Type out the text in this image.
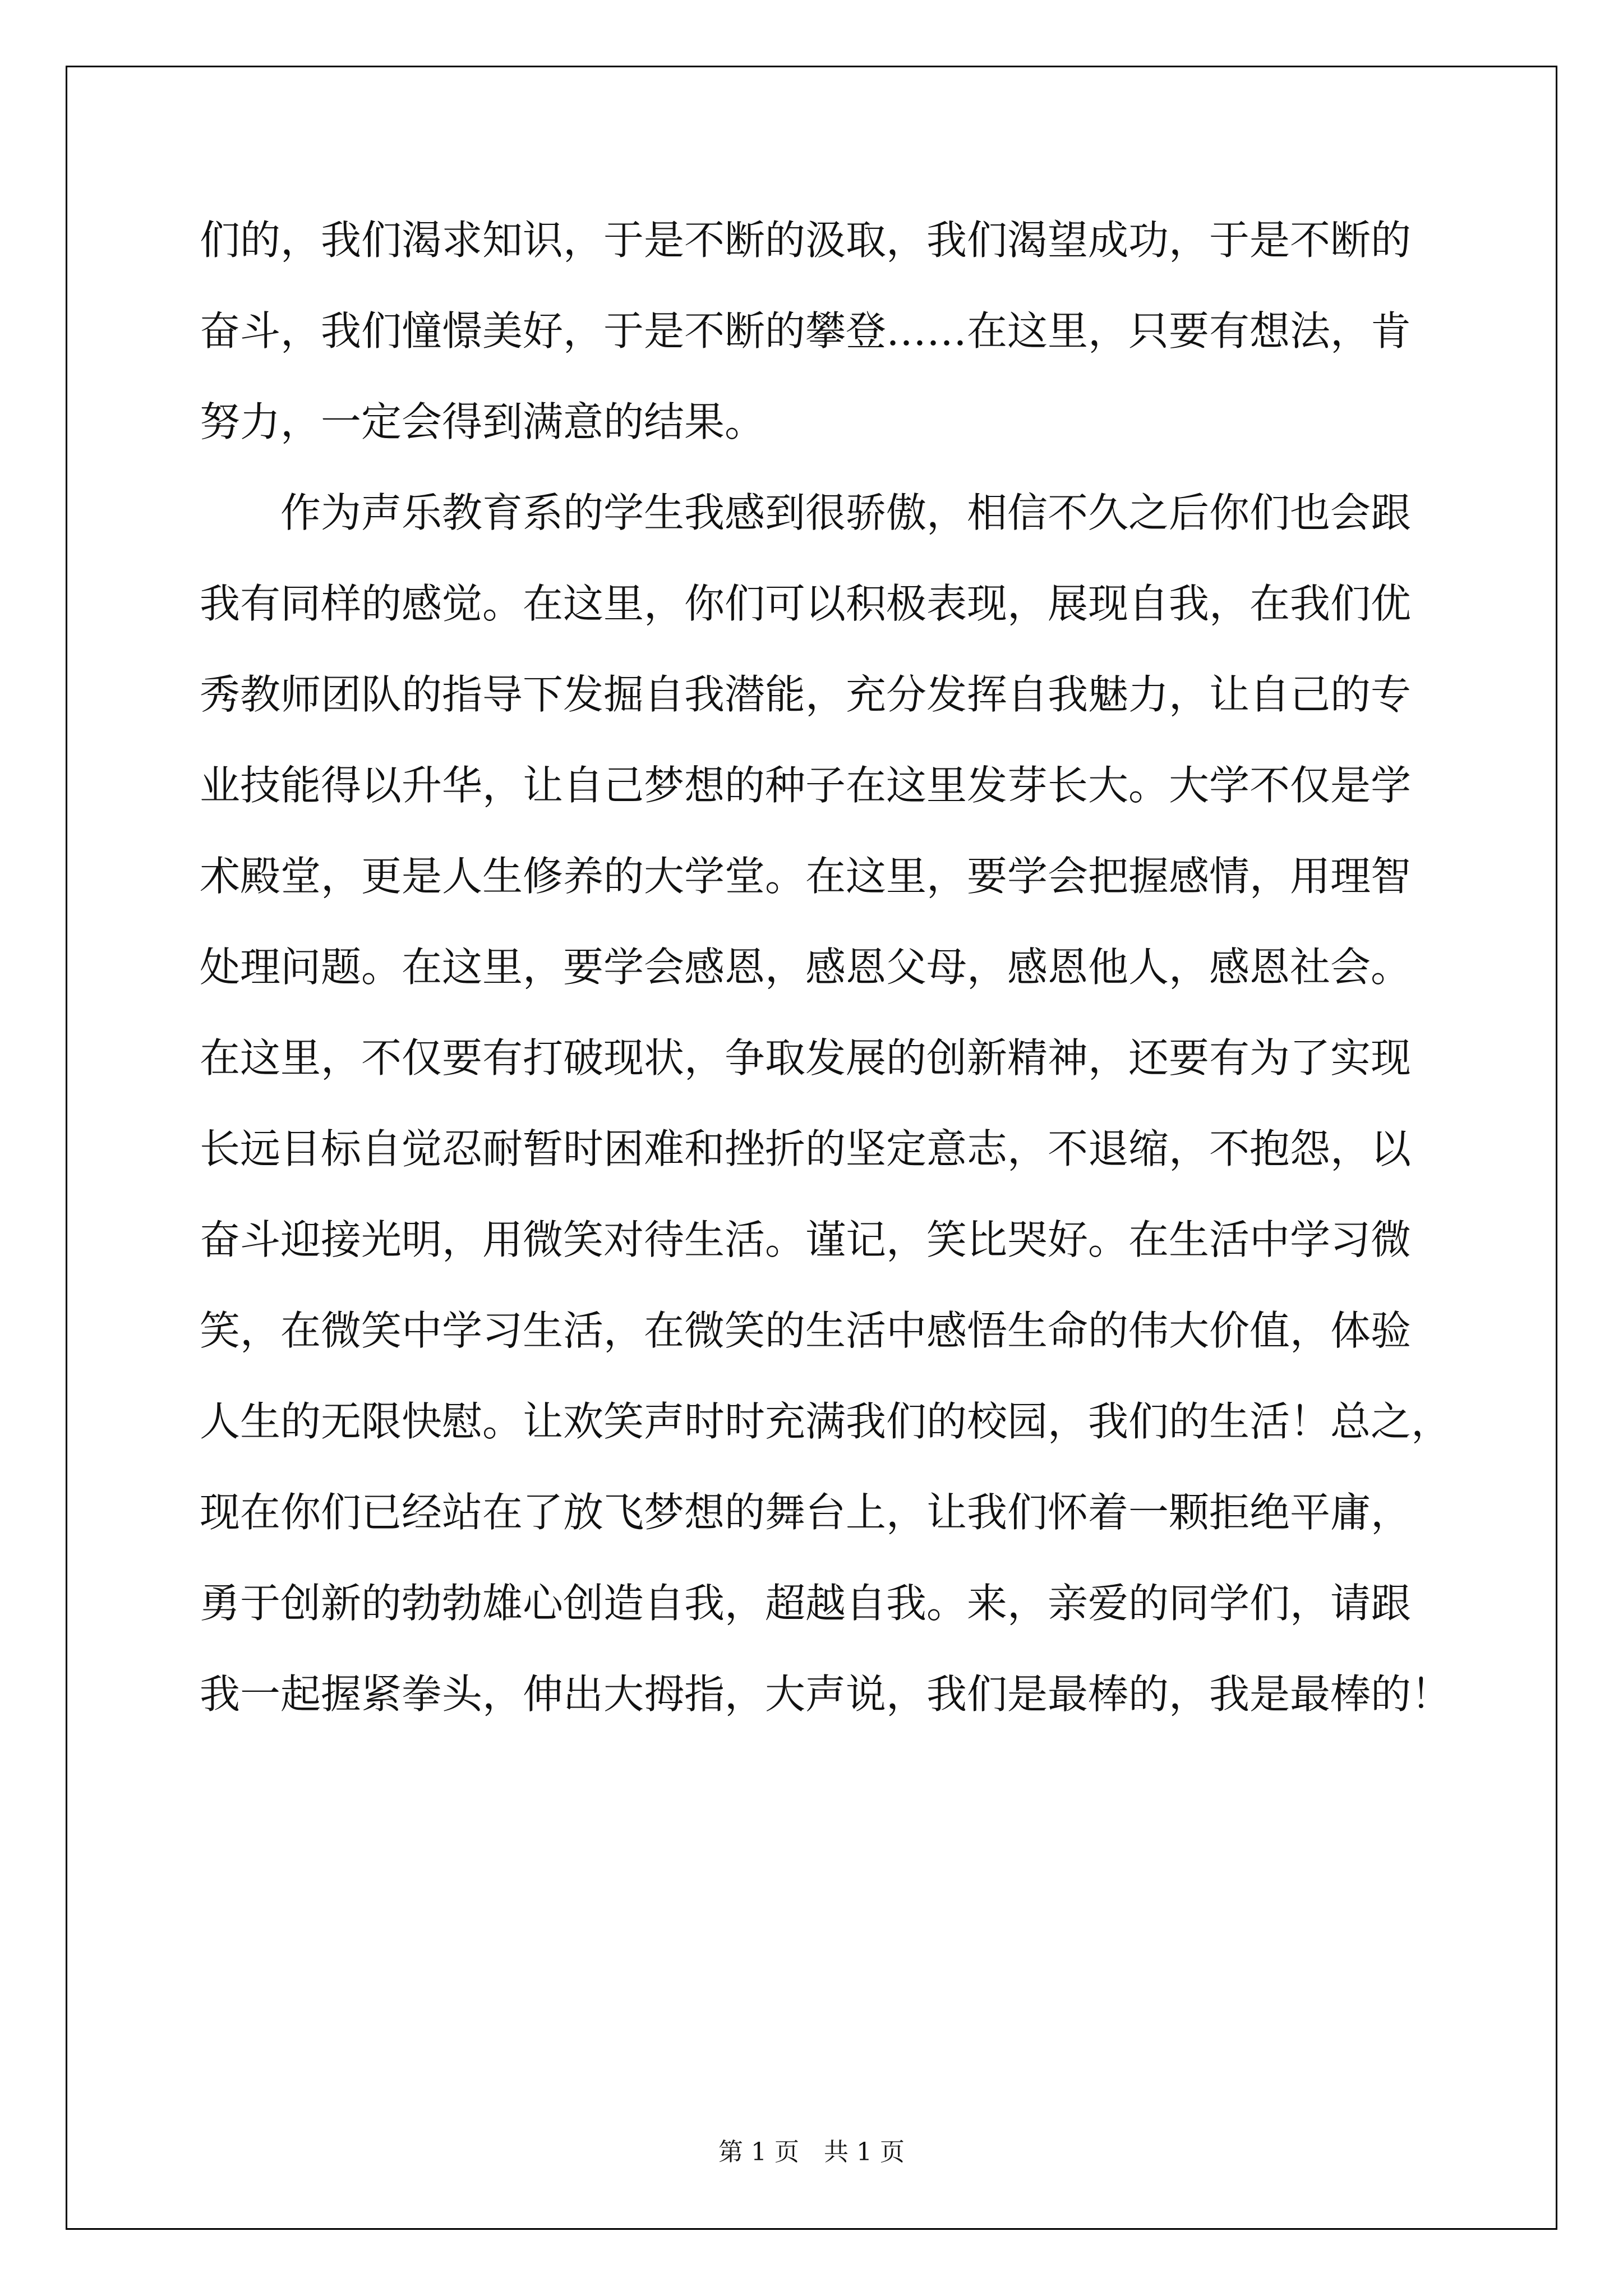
们的，我们渴求知识，于是不断的汲取，我们渴望成功，于是不断的
奋斗，我们憧憬美好，于是不断的攀登……在这里，只要有想法，肯
努力，一定会得到满意的结果。
作为声乐教育系的学生我感到很骄傲，相信不久之后你们也会跟
我有同样的感觉。在这里，你们可以积极表现，展现自我，在我们优
秀教师团队的指导下发掘自我潜能，充分发挥自我魅力，让自己的专
业技能得以升华，让自己梦想的种子在这里发芽长大。大学不仅是学
术殿堂，更是人生修养的大学堂。在这里，要学会把握感情，用理智
处理问题。在这里，要学会感恩，感恩父母，感恩他人，感恩社会。
在这里，不仅要有打破现状，争取发展的创新精神，还要有为了实现
长远目标自觉忍耐暂时困难和挫折的坚定意志，不退缩，不抱怨，以
奋斗迎接光明，用微笑对待生活。谨记，笑比哭好。在生活中学习微
笑，在微笑中学习生活，在微笑的生活中感悟生命的伟大价值，体验
人生的无限快慰。让欢笑声时时充满我们的校园，我们的生活！总之，
现在你们已经站在了放飞梦想的舞台上，让我们怀着一颗拒绝平庸，
勇于创新的勃勃雄心创造自我，超越自我。来，亲爱的同学们，请跟
我一起握紧拳头，伸出大拇指，大声说，我们是最棒的，我是最棒的！
第 1 页　共 1 页
